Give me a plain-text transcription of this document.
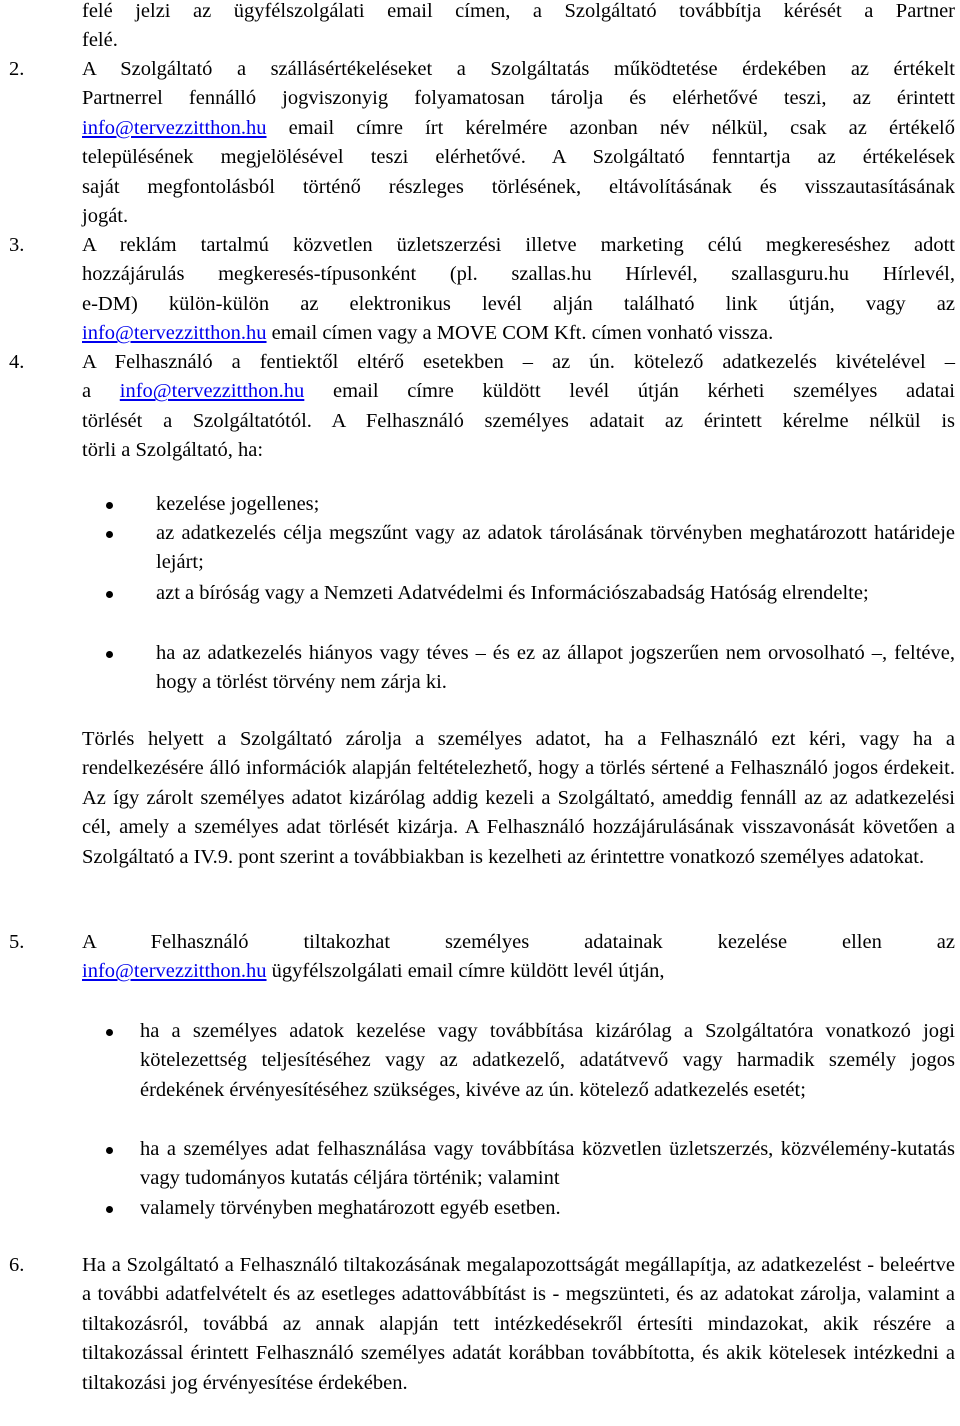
felé jelzi az ügyfélszolgálati email címen, a Szolgáltató továbbítja kérését a Partner

felé.

2.	A Szolgáltató a szállásértékeléseket a Szolgáltatás működtetése érdekében az értékelt

Partnerrel fennálló jogviszonyig folyamatosan tárolja és elérhetővé teszi, az érintett

info@tervezzitthon.hu email címre írt kérelmére azonban név nélkül, csak az értékelő

településének megjelölésével teszi elérhetővé. A Szolgáltató fenntartja az értékelések

saját megfontolásból történő részleges törlésének, eltávolításának és visszautasításának

jogát.

3.	A reklám tartalmú közvetlen üzletszerzési illetve marketing célú megkereséshez adott

hozzájárulás megkeresés-típusonként (pl. szallas.hu Hírlevél, szallasguru.hu Hírlevél,

e-DM) külön-külön az elektronikus levél alján található link útján, vagy az

info@tervezzitthon.hu email címen vagy a MOVE COM Kft. címen vonható vissza.

4.	A Felhasználó a fentiektől eltérő esetekben – az ún. kötelező adatkezelés kivételével –

a info@tervezzitthon.hu email címre küldött levél útján kérheti személyes adatai

törlését a Szolgáltatótól. A Felhasználó személyes adatait az érintett kérelme nélkül is

törli a Szolgáltató, ha:

kezelése jogellenes;
az adatkezelés célja megszűnt vagy az adatok tárolásának törvényben meghatározott határideje lejárt;
azt a bíróság vagy a Nemzeti Adatvédelmi és Információszabadság Hatóság elrendelte;
ha az adatkezelés hiányos vagy téves – és ez az állapot jogszerűen nem orvosolható –, feltéve, hogy a törlést törvény nem zárja ki.
Törlés helyett a Szolgáltató zárolja a személyes adatot, ha a Felhasználó ezt kéri, vagy ha a rendelkezésére álló információk alapján feltételezhető, hogy a törlés sértené a Felhasználó jogos érdekeit. Az így zárolt személyes adatot kizárólag addig kezeli a Szolgáltató, ameddig fennáll az az adatkezelési cél, amely a személyes adat törlését kizárja. A Felhasználó hozzájárulásának visszavonását követően a Szolgáltató a IV.9. pont szerint a továbbiakban is kezelheti az érintettre vonatkozó személyes adatokat.
5.	A Felhasználó tiltakozhat személyes adatainak kezelése ellen az

info@tervezzitthon.hu ügyfélszolgálati email címre küldött levél útján,

ha a személyes adatok kezelése vagy továbbítása kizárólag a Szolgáltatóra vonatkozó jogi kötelezettség teljesítéséhez vagy az adatkezelő, adatátvevő vagy harmadik személy jogos érdekének érvényesítéséhez szükséges, kivéve az ún. kötelező adatkezelés esetét;
ha a személyes adat felhasználása vagy továbbítása közvetlen üzletszerzés, közvélemény-kutatás vagy tudományos kutatás céljára történik; valamint
valamely törvényben meghatározott egyéb esetben.
6.	Ha a Szolgáltató a Felhasználó tiltakozásának megalapozottságát megállapítja, az adatkezelést - beleértve a további adatfelvételt és az esetleges adattovábbítást is - megszünteti, és az adatokat zárolja, valamint a tiltakozásról, továbbá az annak alapján tett intézkedésekről értesíti mindazokat, akik részére a tiltakozással érintett Felhasználó személyes adatát korábban továbbította, és akik kötelesek intézkedni a tiltakozási jog érvényesítése érdekében.
